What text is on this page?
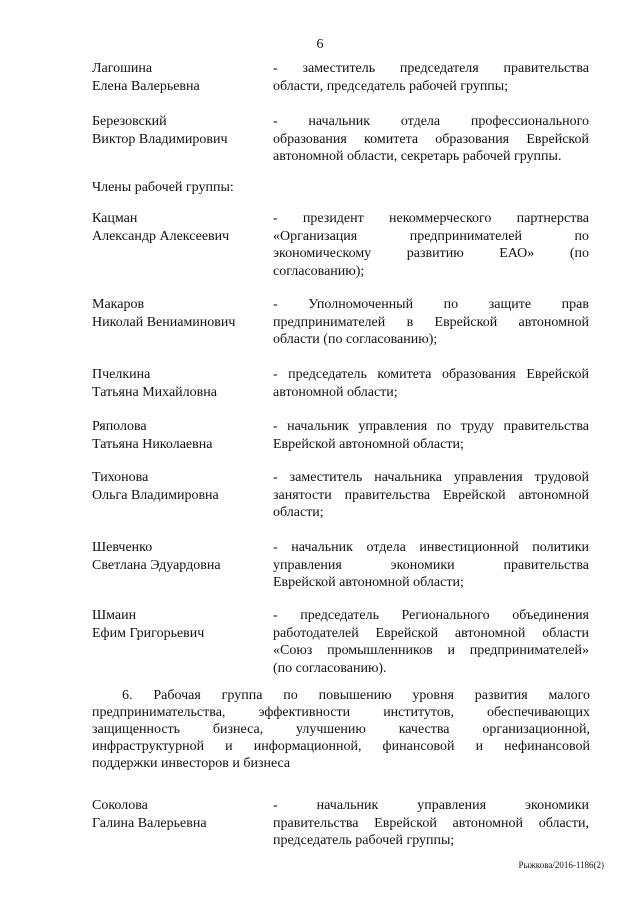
6
Лагошина
Елена Валерьевна
- заместитель председателя правительства
области, председатель рабочей группы;
Березовский
Виктор Владимирович
- начальник отдела профессионального
образования комитета образования Еврейской
автономной области, секретарь рабочей группы.
Члены рабочей группы:
Кацман
Александр Алексеевич
- президент некоммерческого партнерства
«Организация предпринимателей по
экономическому развитию ЕАО» (по
согласованию);
Макаров
Николай Вениаминович
- Уполномоченный по защите прав
предпринимателей в Еврейской автономной
области (по согласованию);
Пчелкина
Татьяна Михайловна
- председатель комитета образования Еврейской
автономной области;
Ряполова
Татьяна Николаевна
- начальник управления по труду правительства
Еврейской автономной области;
Тихонова
Ольга Владимировна
- заместитель начальника управления трудовой
занятости правительства Еврейской автономной
области;
Шевченко
Светлана Эдуардовна
- начальник отдела инвестиционной политики
управления экономики правительства
Еврейской автономной области;
Шмаин
Ефим Григорьевич
- председатель Регионального объединения
работодателей Еврейской автономной области
«Союз промышленников и предпринимателей»
(по согласованию).
6. Рабочая группа по повышению уровня развития малого
предпринимательства, эффективности институтов, обеспечивающих
защищенность бизнеса, улучшению качества организационной,
инфраструктурной и информационной, финансовой и нефинансовой
поддержки инвесторов и бизнеса
Соколова
Галина Валерьевна
- начальник управления экономики
правительства Еврейской автономной области,
председатель рабочей группы;
Рыжкова/2016-1186(2)
